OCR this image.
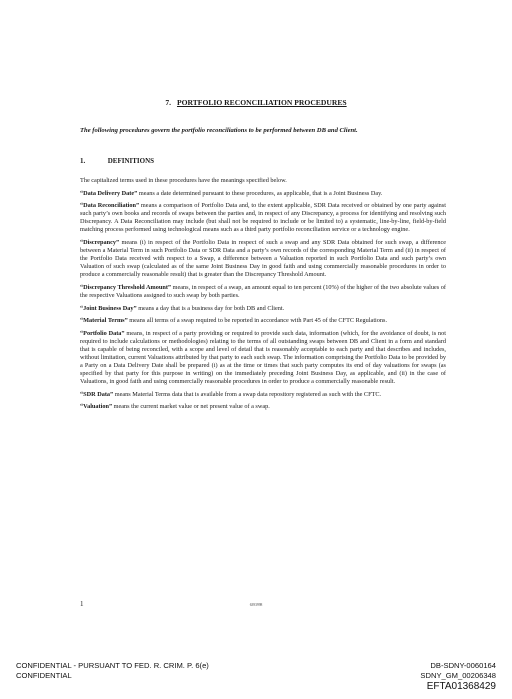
7. PORTFOLIO RECONCILIATION PROCEDURES
The following procedures govern the portfolio reconciliations to be performed between DB and Client.
1.	DEFINITIONS

The capitalized terms used in these procedures have the meanings specified below.

“Data Delivery Date” means a date determined pursuant to these procedures, as applicable, that is a Joint Business Day.

“Data Reconciliation” means a comparison of Portfolio Data and, to the extent applicable, SDR Data received or obtained by one party against such party’s own books and records of swaps between the parties and, in respect of any Discrepancy, a process for identifying and resolving such Discrepancy. A Data Reconciliation may include (but shall not be required to include or be limited to) a systematic, line-by-line, field-by-field matching process performed using technological means such as a third party portfolio reconciliation service or a technology engine.

“Discrepancy” means (i) in respect of the Portfolio Data in respect of such a swap and any SDR Data obtained for such swap, a difference between a Material Term in such Portfolio Data or SDR Data and a party’s own records of the corresponding Material Term and (ii) in respect of the Portfolio Data received with respect to a Swap, a difference between a Valuation reported in such Portfolio Data and such party’s own Valuation of such swap (calculated as of the same Joint Business Day in good faith and using commercially reasonable procedures in order to produce a commercially reasonable result) that is greater than the Discrepancy Threshold Amount.

“Discrepancy Threshold Amount” means, in respect of a swap, an amount equal to ten percent (10%) of the higher of the two absolute values of the respective Valuations assigned to such swap by both parties.

“Joint Business Day” means a day that is a business day for both DB and Client.

“Material Terms” means all terms of a swap required to be reported in accordance with Part 45 of the CFTC Regulations.

“Portfolio Data” means, in respect of a party providing or required to provide such data, information (which, for the avoidance of doubt, is not required to include calculations or methodologies) relating to the terms of all outstanding swaps between DB and Client in a form and standard that is capable of being reconciled, with a scope and level of detail that is reasonably acceptable to each party and that describes and includes, without limitation, current Valuations attributed by that party to each such swap. The information comprising the Portfolio Data to be provided by a Party on a Data Delivery Date shall be prepared (i) as at the time or times that such party computes its end of day valuations for swaps (as specified by that party for this purpose in writing) on the immediately preceding Joint Business Day, as applicable, and (ii) in the case of Valuations, in good faith and using commercially reasonable procedures in order to produce a commercially reasonable result.

“SDR Data” means Material Terms data that is available from a swap data repository registered as such with the CFTC.

“Valuation” means the current market value or net present value of a swap.

1	6393998
CONFIDENTIAL - PURSUANT TO FED. R. CRIM. P. 6(e)
CONFIDENTIAL
DB-SDNY-0060164
SDNY_GM_00206348
EFTA01368429
